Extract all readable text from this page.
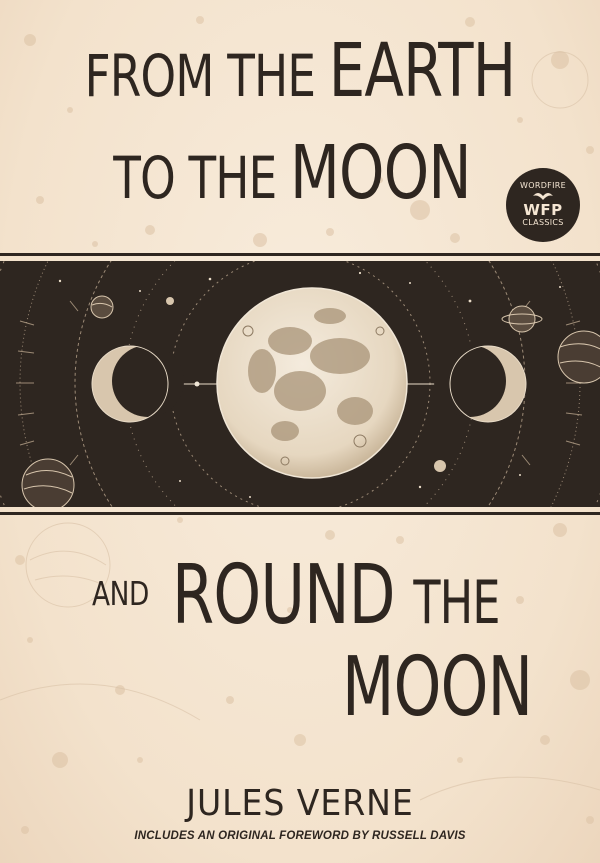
FROM THE EARTH
TO THE MOON	WORDFIRE
WFP
CLASSICS
AND ROUND THE
MOON
JULES VERNE
INCLUDES AN ORIGINAL FOREWORD BY RUSSELL DAVIS
